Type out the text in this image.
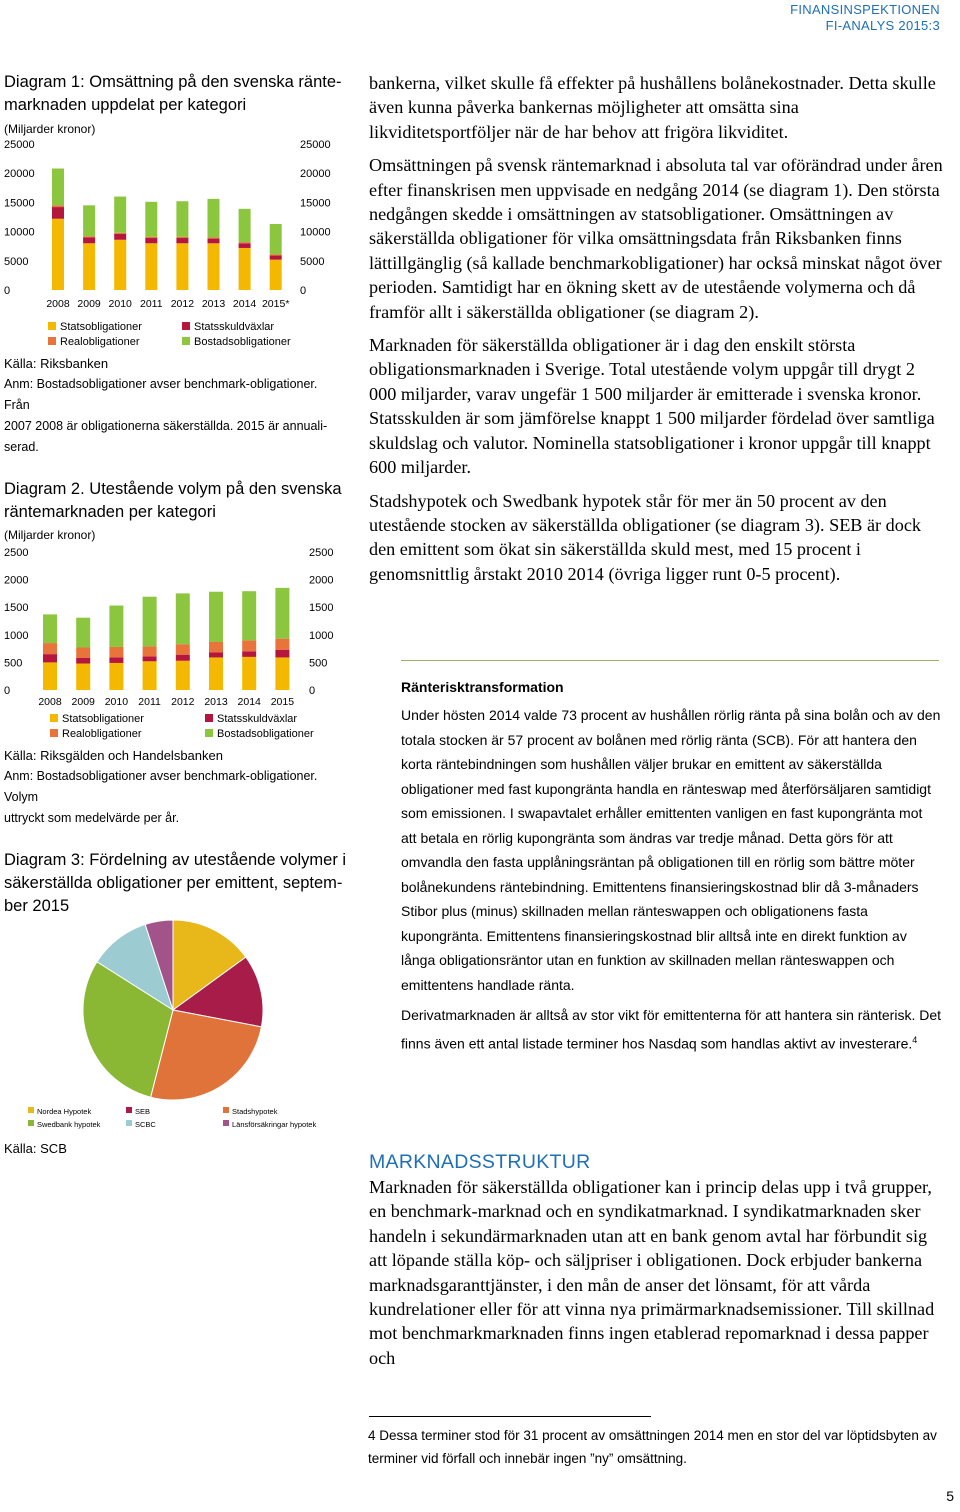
FINANSINSPEKTIONEN
FI-ANALYS 2015:3
Diagram 1: Omsättning på den svenska ränte-
marknaden uppdelat per kategori
(Miljarder kronor)
0	0
5000	5000
10000	10000
15000	15000
20000	20000
25000	25000
2008 2009 2010 2011 2012 2013 2014 2015*
Statsobligationer	Statsskuldväxlar
Realobligationer	Bostadsobligationer
Källa: Riksbanken
Anm: Bostadsobligationer avser benchmark-obligationer. Från
2007 2008 är obligationerna säkerställda. 2015 är annuali-
serad.
Diagram 2. Utestående volym på den svenska
räntemarknaden per kategori
(Miljarder kronor)
0	0
500	500
1000	1000
1500	1500
2000	2000
2500	2500
2008 2009 2010 2011 2012 2013 2014 2015
Statsobligationer	Statsskuldväxlar
Realobligationer	Bostadsobligationer
Källa: Riksgälden och Handelsbanken
Anm: Bostadsobligationer avser benchmark-obligationer. Volym
uttryckt som medelvärde per år.
Diagram 3: Fördelning av utestående volymer i
säkerställda obligationer per emittent, septem-
ber 2015
Nordea Hypotek	SEB	Stadshypotek
Swedbank hypotek	SCBC	Länsförsäkringar hypotek
Källa: SCB

bankerna, vilket skulle få effekter på hushållens bolånekostnader. Detta skulle även kunna påverka bankernas möjligheter att omsätta sina likviditetsportföljer när de har behov att frigöra likviditet.

Omsättningen på svensk räntemarknad i absoluta tal var oförändrad under åren efter finanskrisen men uppvisade en nedgång 2014 (se diagram 1). Den största nedgången skedde i omsättningen av statsobligationer. Omsättningen av säkerställda obligationer för vilka omsättningsdata från Riksbanken finns lättillgänglig (så kallade benchmarkobligationer) har också minskat något över perioden. Samtidigt har en ökning skett av de utestående volymerna och då framför allt i säkerställda obligationer (se diagram 2).

Marknaden för säkerställda obligationer är i dag den enskilt största obligationsmarknaden i Sverige. Total utestående volym uppgår till drygt 2 000 miljarder, varav ungefär 1 500 miljarder är emitterade i svenska kronor. Statsskulden är som jämförelse knappt 1 500 miljarder fördelad över samtliga skuldslag och valutor. Nominella statsobligationer i kronor uppgår till knappt 600 miljarder.

Stadshypotek och Swedbank hypotek står för mer än 50 procent av den utestående stocken av säkerställda obligationer (se diagram 3). SEB är dock den emittent som ökat sin säkerställda skuld mest, med 15 procent i genomsnittlig årstakt 2010 2014 (övriga ligger runt 0-5 procent).

Ränterisktransformation

Under hösten 2014 valde 73 procent av hushållen rörlig ränta på sina bolån och av den totala stocken är 57 procent av bolånen med rörlig ränta (SCB). För att hantera den korta räntebindningen som hushållen väljer brukar en emittent av säkerställda obligationer med fast kupongränta handla en ränteswap med återförsäljaren samtidigt som emissionen. I swapavtalet erhåller emittenten vanligen en fast kupongränta mot att betala en rörlig kupongränta som ändras var tredje månad. Detta görs för att omvandla den fasta upplåningsräntan på obligationen till en rörlig som bättre möter bolånekundens räntebindning. Emittentens finansieringskostnad blir då 3-månaders Stibor plus (minus) skillnaden mellan ränteswappen och obligationens fasta kupongränta. Emittentens finansieringskostnad blir alltså inte en direkt funktion av långa obligationsräntor utan en funktion av skillnaden mellan ränteswappen och emittentens handlade ränta.

Derivatmarknaden är alltså av stor vikt för emittenterna för att hantera sin ränterisk. Det finns även ett antal listade terminer hos Nasdaq som handlas aktivt av investerare.$^4$

MARKNADSSTRUKTUR
Marknaden för säkerställda obligationer kan i princip delas upp i två grupper, en benchmark-marknad och en syndikatmarknad. I syndikatmarknaden sker handeln i sekundärmarknaden utan att en bank genom avtal har förbundit sig att löpande ställa köp- och säljpriser i obligationen. Dock erbjuder bankerna marknadsgaranttjänster, i den mån de anser det lönsamt, för att vårda kundrelationer eller för att vinna nya primärmarknadsemissioner. Till skillnad mot benchmarkmarknaden finns ingen etablerad repomarknad i dessa papper och
4 Dessa terminer stod för 31 procent av omsättningen 2014 men en stor del var löptidsbyten av terminer vid förfall och innebär ingen ”ny” omsättning.
5
